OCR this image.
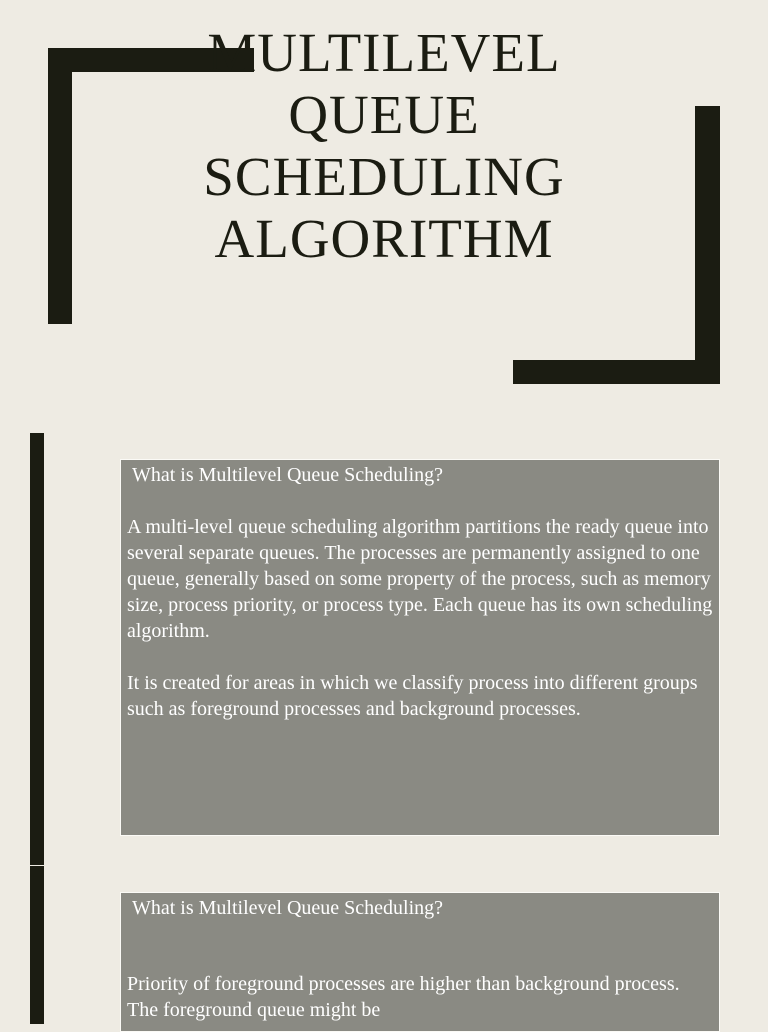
MULTILEVEL
QUEUE
SCHEDULING
ALGORITHM

What is Multilevel Queue Scheduling?

A multi-level queue scheduling algorithm partitions the ready queue into several separate queues. The processes are permanently assigned to one queue, generally based on some property of the process, such as memory size, process priority, or process type. Each queue has its own scheduling algorithm.

It is created for areas in which we classify process into different groups such as foreground processes and background processes.

What is Multilevel Queue Scheduling?

Priority of foreground processes are higher than background process. The foreground queue might be
